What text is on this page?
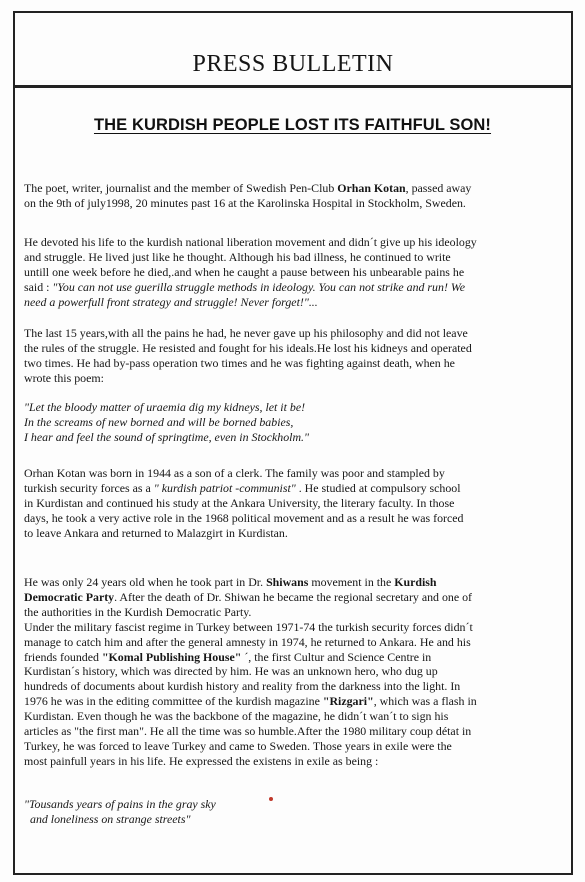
PRESS BULLETIN
THE KURDISH PEOPLE LOST ITS FAITHFUL SON!
The poet, writer, journalist and the member of Swedish Pen-Club Orhan Kotan, passed away
on the 9th of july1998, 20 minutes past 16 at the Karolinska Hospital in Stockholm, Sweden.
He devoted his life to the kurdish national liberation movement and didn´t give up his ideology
and struggle. He lived just like he thought. Although his bad illness, he continued to write
untill one week before he died,.and when he caught a pause between his unbearable pains he
said : "You can not use guerilla struggle methods in ideology. You can not strike and run! We
need a powerfull front strategy and struggle! Never forget!"...
The last 15 years,with all the pains he had, he never gave up his philosophy and did not leave
the rules of the struggle. He resisted and fought for his ideals.He lost his kidneys and operated
two times. He had by-pass operation two times and he was fighting against death, when he
wrote this poem:
"Let the bloody matter of uraemia dig my kidneys, let it be!
In the screams of new borned and will be borned babies,
I hear and feel the sound of springtime, even in Stockholm."
Orhan Kotan was born in 1944 as a son of a clerk. The family was poor and stampled by
turkish security forces as a " kurdish patriot -communist" . He studied at compulsory school
in Kurdistan and continued his study at the Ankara University, the literary faculty. In those
days, he took a very active role in the 1968 political movement and as a result he was forced
to leave Ankara and returned to Malazgirt in Kurdistan.
He was only 24 years old when he took part in Dr. Shiwans movement in the Kurdish
Democratic Party. After the death of Dr. Shiwan he became the regional secretary and one of
the authorities in the Kurdish Democratic Party.
Under the military fascist regime in Turkey between 1971-74 the turkish security forces didn´t
manage to catch him and after the general amnesty in 1974, he returned to Ankara. He and his
friends founded "Komal Publishing House" ´, the first Cultur and Science Centre in
Kurdistan´s history, which was directed by him. He was an unknown hero, who dug up
hundreds of documents about kurdish history and reality from the darkness into the light. In
1976 he was in the editing committee of the kurdish magazine "Rizgari", which was a flash in
Kurdistan. Even though he was the backbone of the magazine, he didn´t wan´t to sign his
articles as "the first man". He all the time was so humble.After the 1980 military coup détat in
Turkey, he was forced to leave Turkey and came to Sweden. Those years in exile were the
most painfull years in his life. He expressed the existens in exile as being :
"Tousands years of pains in the gray sky
and loneliness on strange streets"
